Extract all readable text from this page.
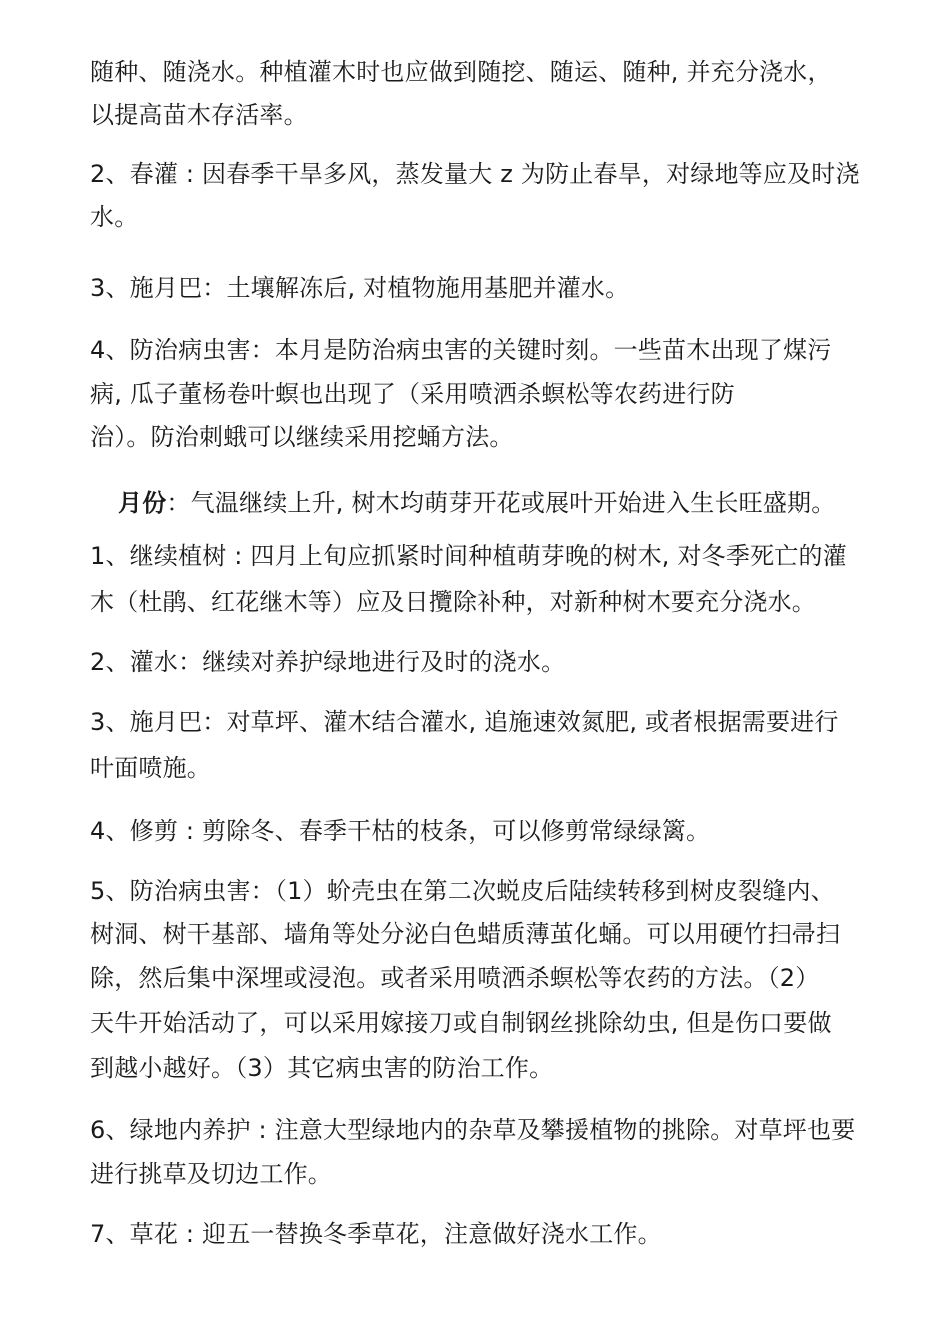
随种、随浇水。种植灌木时也应做到随挖、随运、随种, 并充分浇水，
以提高苗木存活率。
2、春灌 : 因春季干旱多风，蒸发量大 z 为防止春旱，对绿地等应及时浇
水。
3、施月巴：土壤解冻后, 对植物施用基肥并灌水。
4、防治病虫害：本月是防治病虫害的关键时刻。一些苗木出现了煤污
病, 瓜子董杨卷叶螟也出现了（采用喷洒杀螟松等农药进行防
治）。防治刺蛾可以继续采用挖蛹方法。
月份：气温继续上升, 树木均萌芽开花或展叶开始进入生长旺盛期。
1、继续植树 : 四月上旬应抓紧时间种植萌芽晚的树木, 对冬季死亡的灌
木（杜鹃、红花继木等）应及日攬除补种，对新种树木要充分浇水。
2、灌水：继续对养护绿地进行及时的浇水。
3、施月巴：对草坪、灌木结合灌水, 追施速效氮肥, 或者根据需要进行
叶面喷施。
4、修剪 : 剪除冬、春季干枯的枝条，可以修剪常绿绿篱。
5、防治病虫害：（1）蚧壳虫在第二次蜕皮后陆续转移到树皮裂缝内、
树洞、树干基部、墙角等处分泌白色蜡质薄茧化蛹。可以用硬竹扫帚扫
除，然后集中深埋或浸泡。或者采用喷洒杀螟松等农药的方法。（2）
天牛开始活动了，可以采用嫁接刀或自制钢丝挑除幼虫, 但是伤口要做
到越小越好。（3）其它病虫害的防治工作。
6、绿地内养护 : 注意大型绿地内的杂草及攀援植物的挑除。对草坪也要
进行挑草及切边工作。
7、草花 : 迎五一替换冬季草花，注意做好浇水工作。
